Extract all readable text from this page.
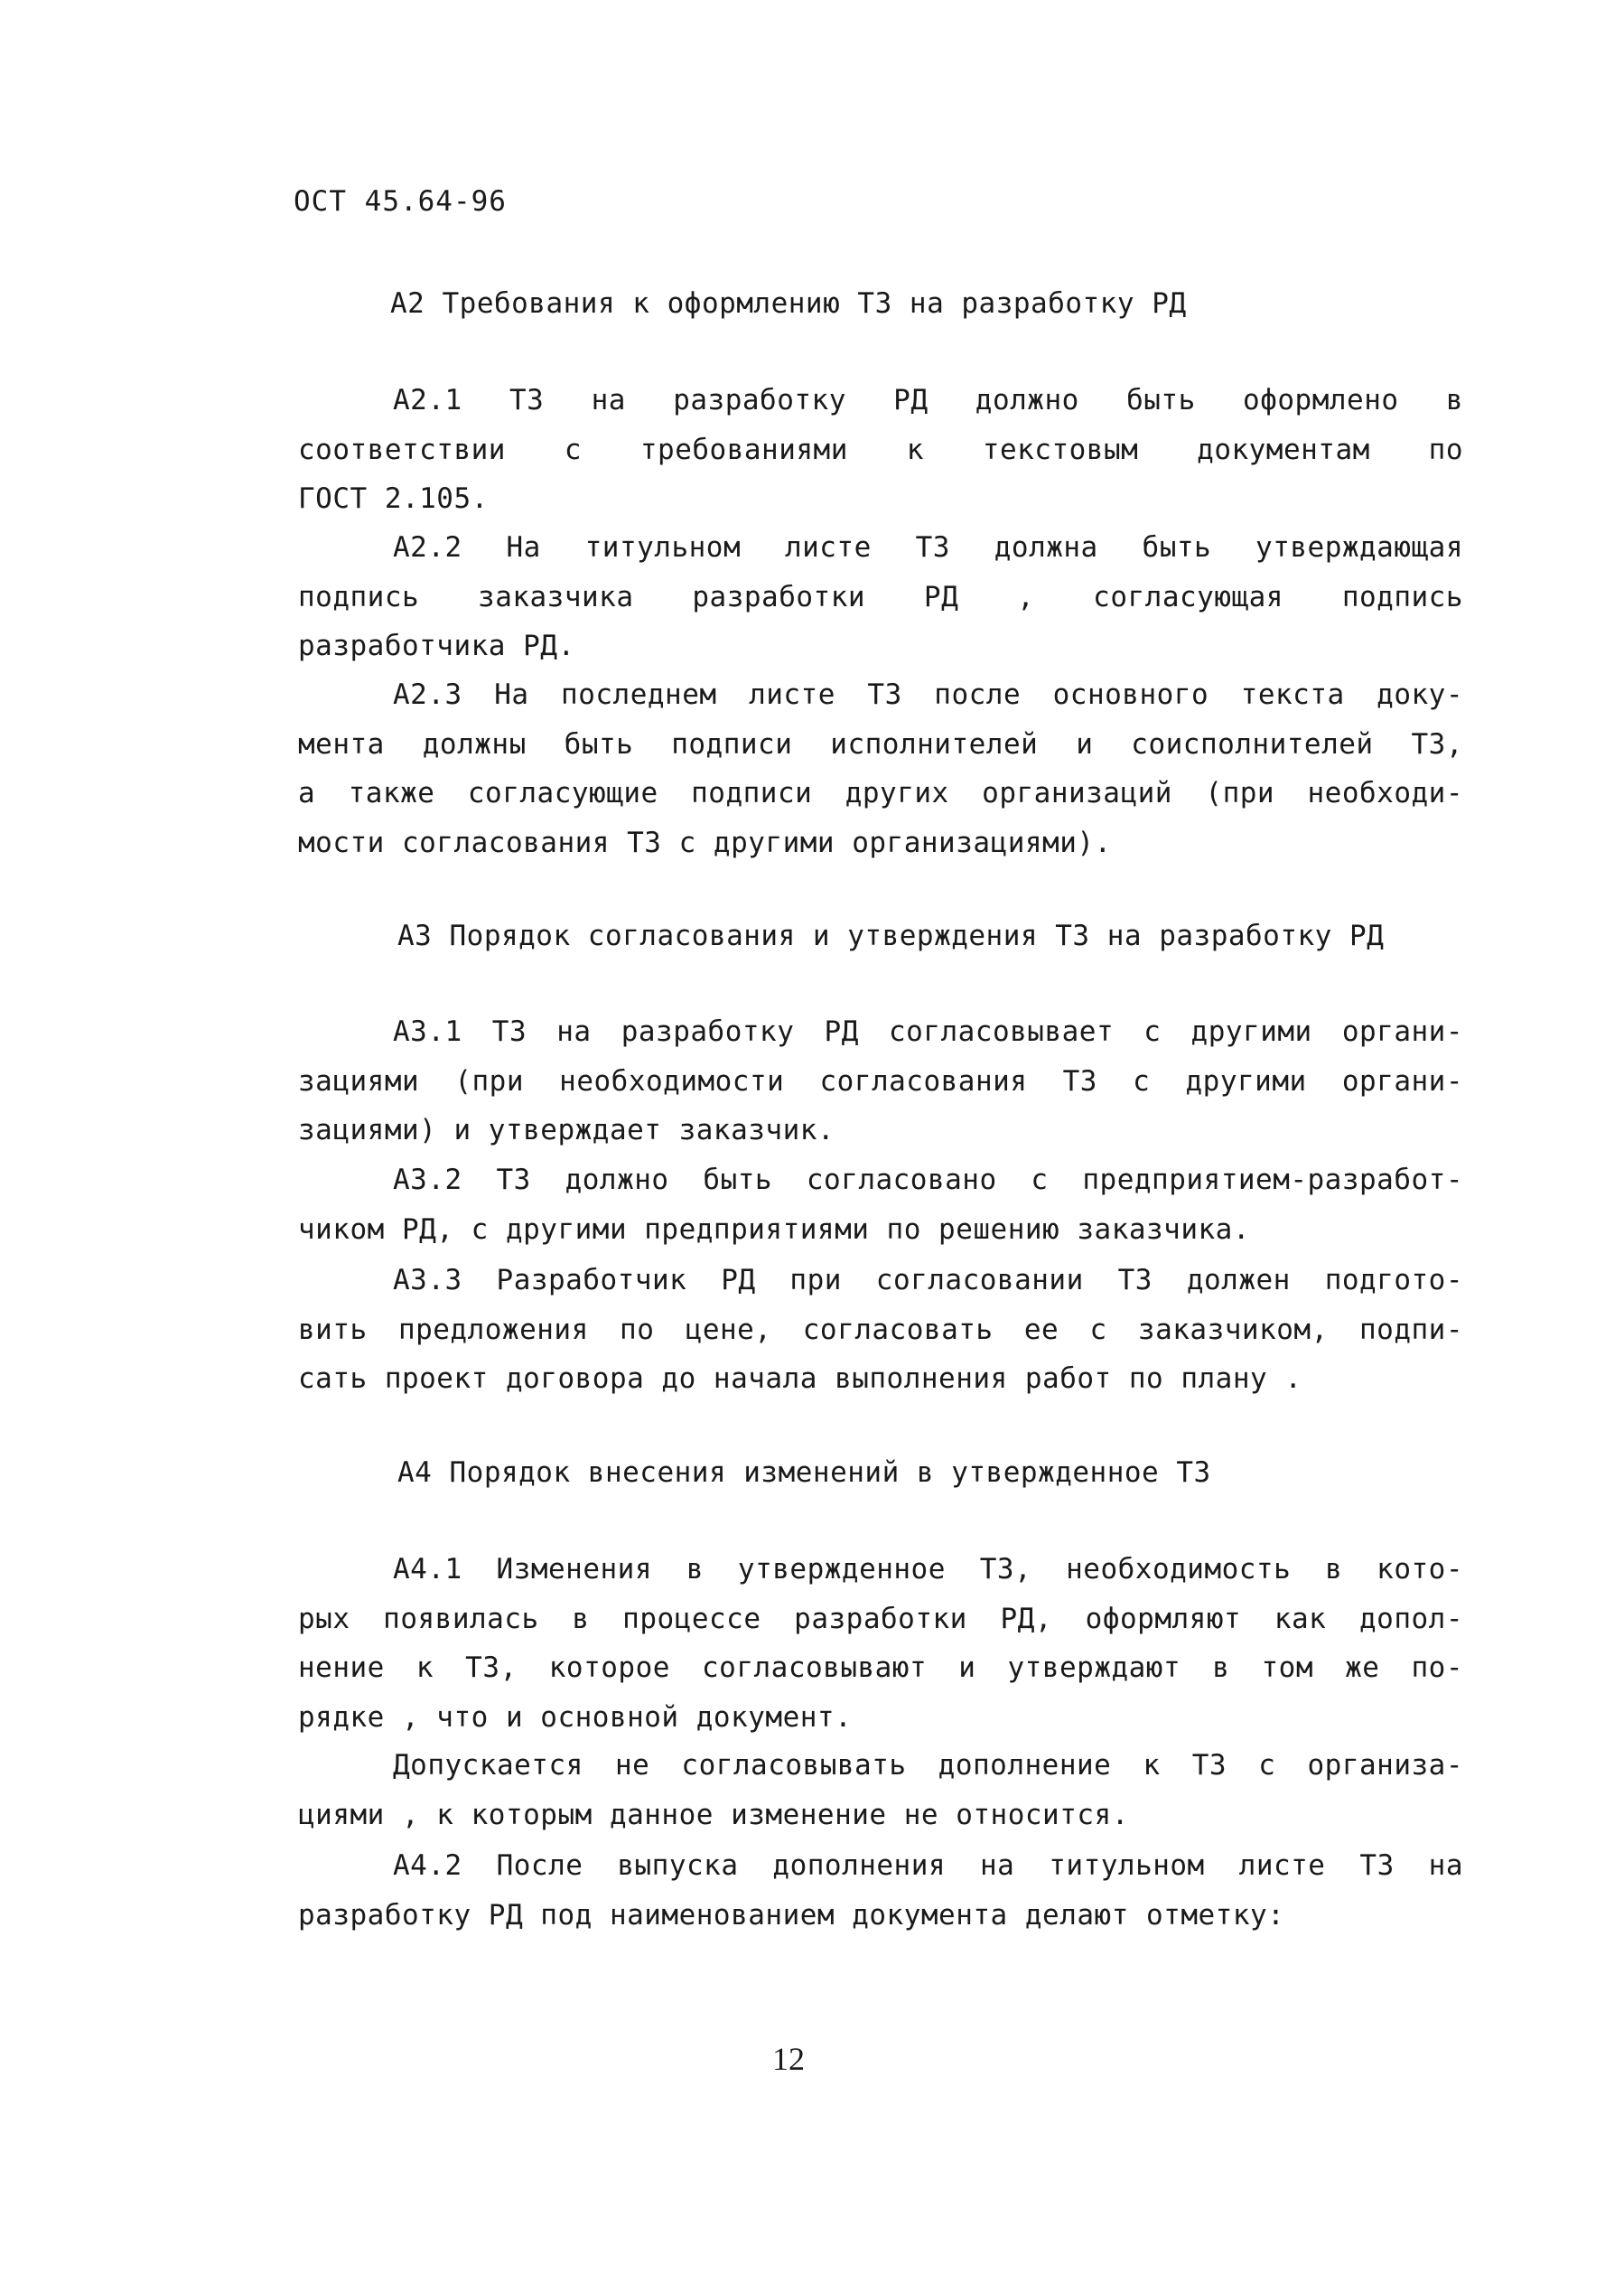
ОСТ 45.64-96
А2 Требования к оформлению ТЗ на разработку РД
А2.1 ТЗ на разработку РД должно быть оформлено в
соответствии с требованиями к текстовым документам по
ГОСТ 2.105.
А2.2 На титульном листе ТЗ должна быть утверждающая
подпись заказчика разработки РД , согласующая подпись
разработчика РД.
А2.3 На последнем листе ТЗ после основного текста доку-
мента должны быть подписи исполнителей и соисполнителей ТЗ,
а также согласующие подписи других организаций (при необходи-
мости согласования ТЗ с другими организациями).
А3 Порядок согласования и утверждения ТЗ на разработку РД
А3.1 ТЗ на разработку РД согласовывает с другими органи-
зациями (при необходимости согласования ТЗ с другими органи-
зациями) и утверждает заказчик.
А3.2 ТЗ должно быть согласовано с предприятием-разработ-
чиком РД, с другими предприятиями по решению заказчика.
А3.3 Разработчик РД при согласовании ТЗ должен подгото-
вить предложения по цене, согласовать ее с заказчиком, подпи-
сать проект договора до начала выполнения работ по плану .
А4 Порядок внесения изменений в утвержденное ТЗ
А4.1 Изменения в утвержденное ТЗ, необходимость в кото-
рых появилась в процессе разработки РД, оформляют как допол-
нение к ТЗ, которое согласовывают и утверждают в том же по-
рядке , что и основной документ.
Допускается не согласовывать дополнение к ТЗ с организа-
циями , к которым данное изменение не относится.
А4.2 После выпуска дополнения на титульном листе ТЗ на
разработку РД под наименованием документа делают отметку:
12
